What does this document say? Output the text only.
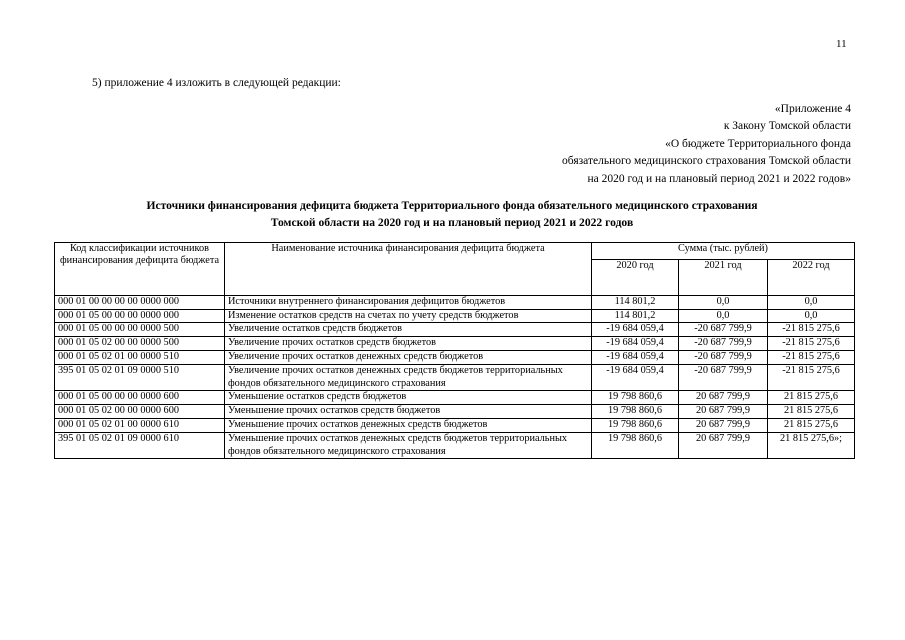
11
5) приложение 4 изложить в следующей редакции:
«Приложение 4
к Закону Томской области
«О бюджете Территориального фонда
обязательного медицинского страхования Томской области
на 2020 год и на плановый период 2021 и 2022 годов»
Источники финансирования дефицита бюджета Территориального фонда обязательного медицинского страхования
Томской области на 2020 год и на плановый период 2021 и 2022 годов
Код классификации источников финансирования дефицита бюджета	Наименование источника финансирования дефицита бюджета	Сумма (тыс. рублей)		
		2020 год	2021 год	2022 год
000 01 00 00 00 00 0000 000	Источники внутреннего финансирования дефицитов бюджетов	114 801,2	0,0	0,0
000 01 05 00 00 00 0000 000	Изменение остатков средств на счетах по учету средств бюджетов	114 801,2	0,0	0,0
000 01 05 00 00 00 0000 500	Увеличение остатков средств бюджетов	-19 684 059,4	-20 687 799,9	-21 815 275,6
000 01 05 02 00 00 0000 500	Увеличение прочих остатков средств бюджетов	-19 684 059,4	-20 687 799,9	-21 815 275,6
000 01 05 02 01 00 0000 510	Увеличение прочих остатков денежных средств бюджетов	-19 684 059,4	-20 687 799,9	-21 815 275,6
395 01 05 02 01 09 0000 510	Увеличение прочих остатков денежных средств бюджетов территориальных фондов обязательного медицинского страхования	-19 684 059,4	-20 687 799,9	-21 815 275,6
000 01 05 00 00 00 0000 600	Уменьшение остатков средств бюджетов	19 798 860,6	20 687 799,9	21 815 275,6
000 01 05 02 00 00 0000 600	Уменьшение прочих остатков средств бюджетов	19 798 860,6	20 687 799,9	21 815 275,6
000 01 05 02 01 00 0000 610	Уменьшение прочих остатков денежных средств бюджетов	19 798 860,6	20 687 799,9	21 815 275,6
395 01 05 02 01 09 0000 610	Уменьшение прочих остатков денежных средств бюджетов территориальных фондов обязательного медицинского страхования	19 798 860,6	20 687 799,9	21 815 275,6»;
